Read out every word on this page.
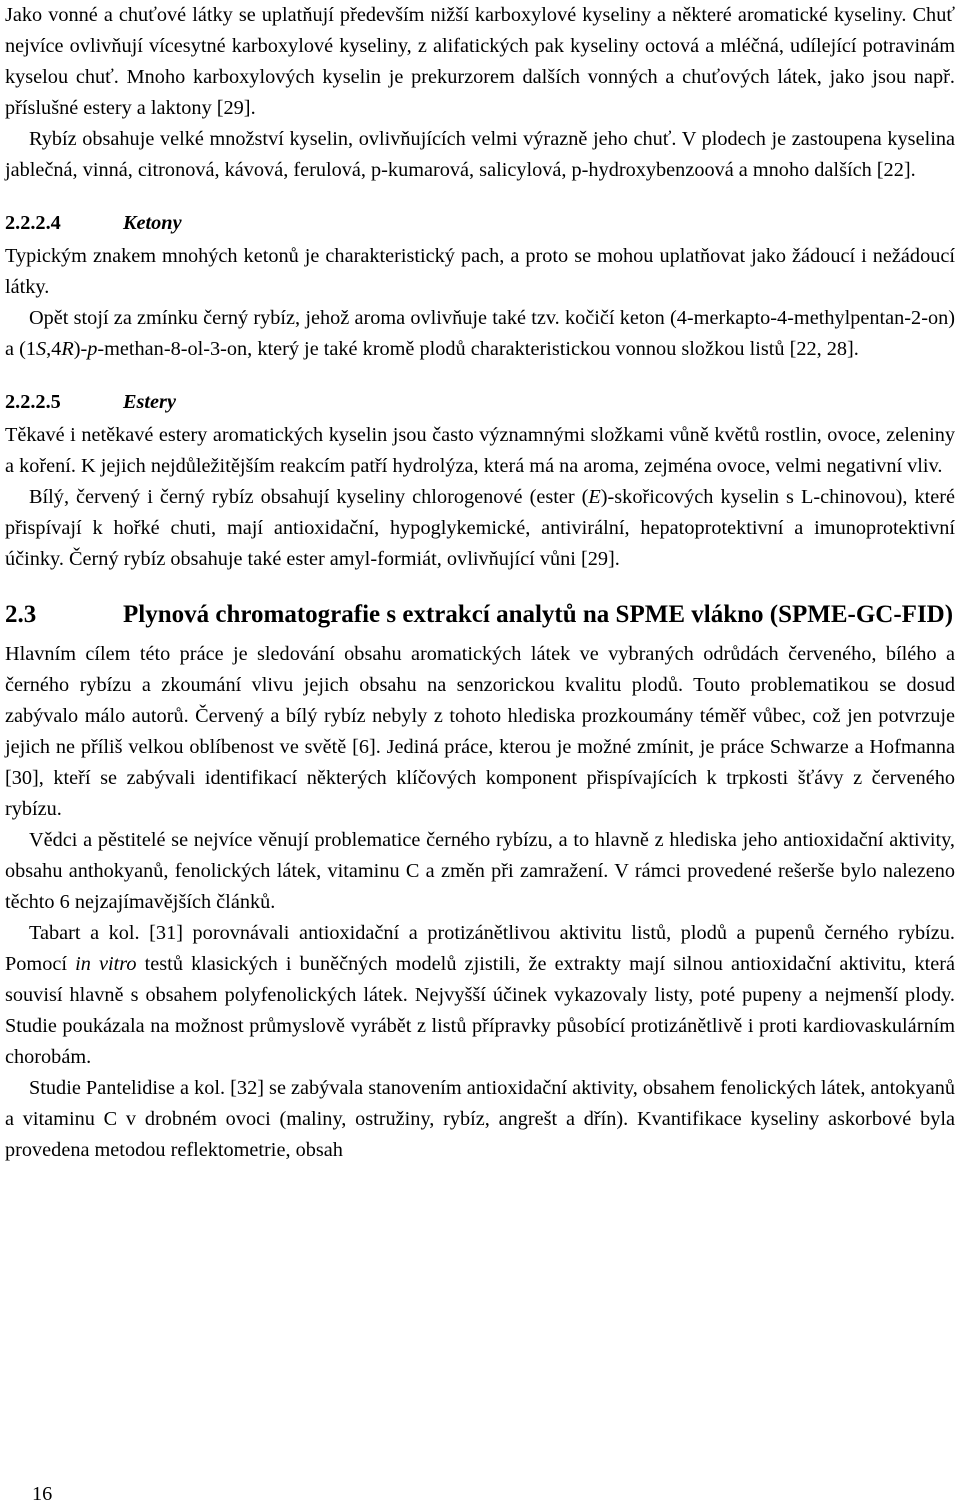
Jako vonné a chuťové látky se uplatňují především nižší karboxylové kyseliny a některé aromatické kyseliny. Chuť nejvíce ovlivňují vícesytné karboxylové kyseliny, z alifatických pak kyseliny octová a mléčná, udílející potravinám kyselou chuť. Mnoho karboxylových kyselin je prekurzorem dalších vonných a chuťových látek, jako jsou např. příslušné estery a laktony [29].

Rybíz obsahuje velké množství kyselin, ovlivňujících velmi výrazně jeho chuť. V plodech je zastoupena kyselina jablečná, vinná, citronová, kávová, ferulová, p-kumarová, salicylová, p-hydroxybenzoová a mnoho dalších [22].

2.2.2.4	Ketony

Typickým znakem mnohých ketonů je charakteristický pach, a proto se mohou uplatňovat jako žádoucí i nežádoucí látky.

Opět stojí za zmínku černý rybíz, jehož aroma ovlivňuje také tzv. kočičí keton (4-merkapto-4-methylpentan-2-on) a (1S,4R)-p-methan-8-ol-3-on, který je také kromě plodů charakteristickou vonnou složkou listů [22, 28].

2.2.2.5	Estery

Těkavé i netěkavé estery aromatických kyselin jsou často významnými složkami vůně květů rostlin, ovoce, zeleniny a koření. K jejich nejdůležitějším reakcím patří hydrolýza, která má na aroma, zejména ovoce, velmi negativní vliv.

Bílý, červený i černý rybíz obsahují kyseliny chlorogenové (ester (E)-skořicových kyselin s L-chinovou), které přispívají k hořké chuti, mají antioxidační, hypoglykemické, antivirální, hepatoprotektivní a imunoprotektivní účinky. Černý rybíz obsahuje také ester amyl-formiát, ovlivňující vůni [29].

2.3	Plynová chromatografie s extrakcí analytů na SPME vlákno (SPME-GC-FID)

Hlavním cílem této práce je sledování obsahu aromatických látek ve vybraných odrůdách červeného, bílého a černého rybízu a zkoumání vlivu jejich obsahu na senzorickou kvalitu plodů. Touto problematikou se dosud zabývalo málo autorů. Červený a bílý rybíz nebyly z tohoto hlediska prozkoumány téměř vůbec, což jen potvrzuje jejich ne příliš velkou oblíbenost ve světě [6]. Jediná práce, kterou je možné zmínit, je práce Schwarze a Hofmanna [30], kteří se zabývali identifikací některých klíčových komponent přispívajících k trpkosti šťávy z červeného rybízu.

Vědci a pěstitelé se nejvíce věnují problematice černého rybízu, a to hlavně z hlediska jeho antioxidační aktivity, obsahu anthokyanů, fenolických látek, vitaminu C a změn při zamražení. V rámci provedené rešerše bylo nalezeno těchto 6 nejzajímavějších článků.

Tabart a kol. [31] porovnávali antioxidační a protizánětlivou aktivitu listů, plodů a pupenů černého rybízu. Pomocí in vitro testů klasických i buněčných modelů zjistili, že extrakty mají silnou antioxidační aktivitu, která souvisí hlavně s obsahem polyfenolických látek. Nejvyšší účinek vykazovaly listy, poté pupeny a nejmenší plody. Studie poukázala na možnost průmyslově vyrábět z listů přípravky působící protizánětlivě i proti kardiovaskulárním chorobám.

Studie Pantelidise a kol. [32] se zabývala stanovením antioxidační aktivity, obsahem fenolických látek, antokyanů a vitaminu C v drobném ovoci (maliny, ostružiny, rybíz, angrešt a dřín). Kvantifikace kyseliny askorbové byla provedena metodou reflektometrie, obsah

16
